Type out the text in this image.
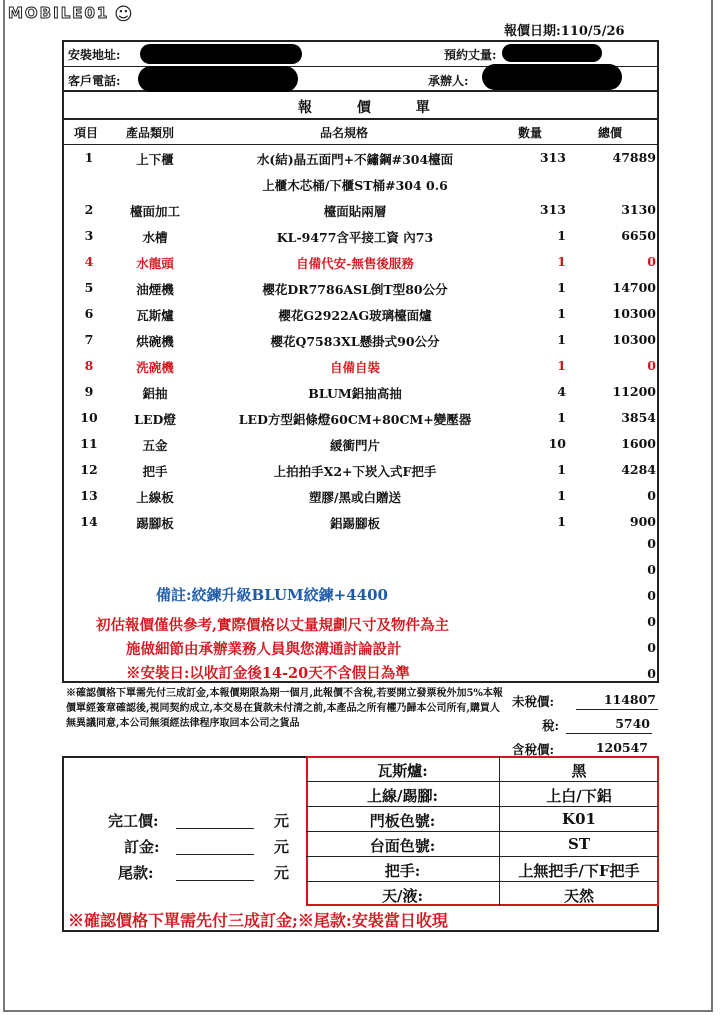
MOBILE01 ☺
報價日期:110/5/26
安裝地址:
客戶電話:
預約丈量:
承辦人:
報 價 單
項目 產品類別	品名規格	數量	總價
1	上下櫃	水(結)晶五面門+不鏽鋼#304檯面	313	47889
上櫃木芯桶/下櫃ST桶#304 0.6
2	檯面加工	檯面貼兩層	313	3130
3	水槽	KL-9477含平接工資 內73	1	6650
4	水龍頭	自備代安-無售後服務	1	0
5	油煙機	櫻花DR7786ASL倒T型80公分	1	14700
6	瓦斯爐	櫻花G2922AG玻璃檯面爐	1	10300
7	烘碗機	櫻花Q7583XL懸掛式90公分	1	10300
8	洗碗機	自備自裝	1	0
9	鋁抽	BLUM鋁抽高抽	4	11200
10	LED燈	LED方型鋁條燈60CM+80CM+變壓器	1	3854
11	五金	緩衝門片	10	1600
12	把手	上拍拍手X2+下崁入式F把手	1	4284
13	上線板	塑膠/黑或白贈送	1	0
14	踢腳板	鋁踢腳板	1	900
0
0
0
0
0
0
備註:絞鍊升級BLUM絞鍊+4400
初估報價僅供參考,實際價格以丈量規劃尺寸及物件為主
施做細節由承辦業務人員與您溝通討論設計
※安裝日:以收訂金後14-20天不含假日為準
※確認價格下單需先付三成訂金,本報價期限為期一個月,此報價不含稅,若要開立發票稅外加5%本報價單經簽章確認後,視同契約成立,本交易在貨款未付清之前,本產品之所有權乃歸本公司所有,購買人無異議同意,本公司無須經法律程序取回本公司之貨品
未稅價:	114807
稅:	5740
含稅價:	120547
瓦斯爐:	黑
上線/踢腳:	上白/下鋁
門板色號:	K01
台面色號:	ST
把手:	上無把手/下F把手
天/液:	天然
完工價:	元
訂金:	元
尾款:	元
※確認價格下單需先付三成訂金;※尾款:安裝當日收現
